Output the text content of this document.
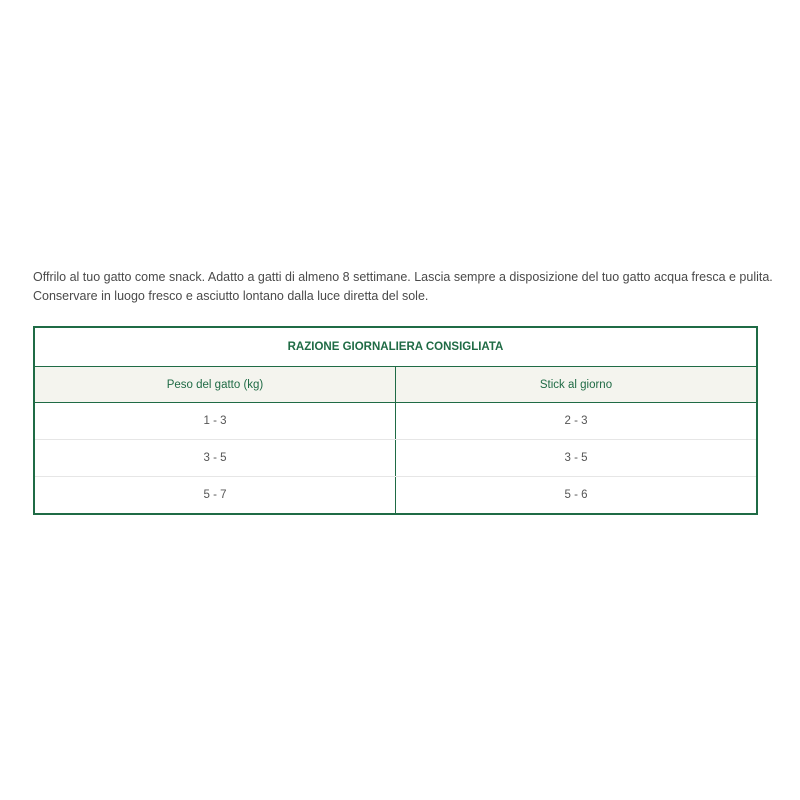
Offrilo al tuo gatto come snack. Adatto a gatti di almeno 8 settimane. Lascia sempre a disposizione del tuo gatto acqua fresca e pulita.

Conservare in luogo fresco e asciutto lontano dalla luce diretta del sole.

RAZIONE GIORNALIERA CONSIGLIATA	
Peso del gatto (kg)	Stick al giorno
1 - 3	2 - 3
3 - 5	3 - 5
5 - 7	5 - 6
